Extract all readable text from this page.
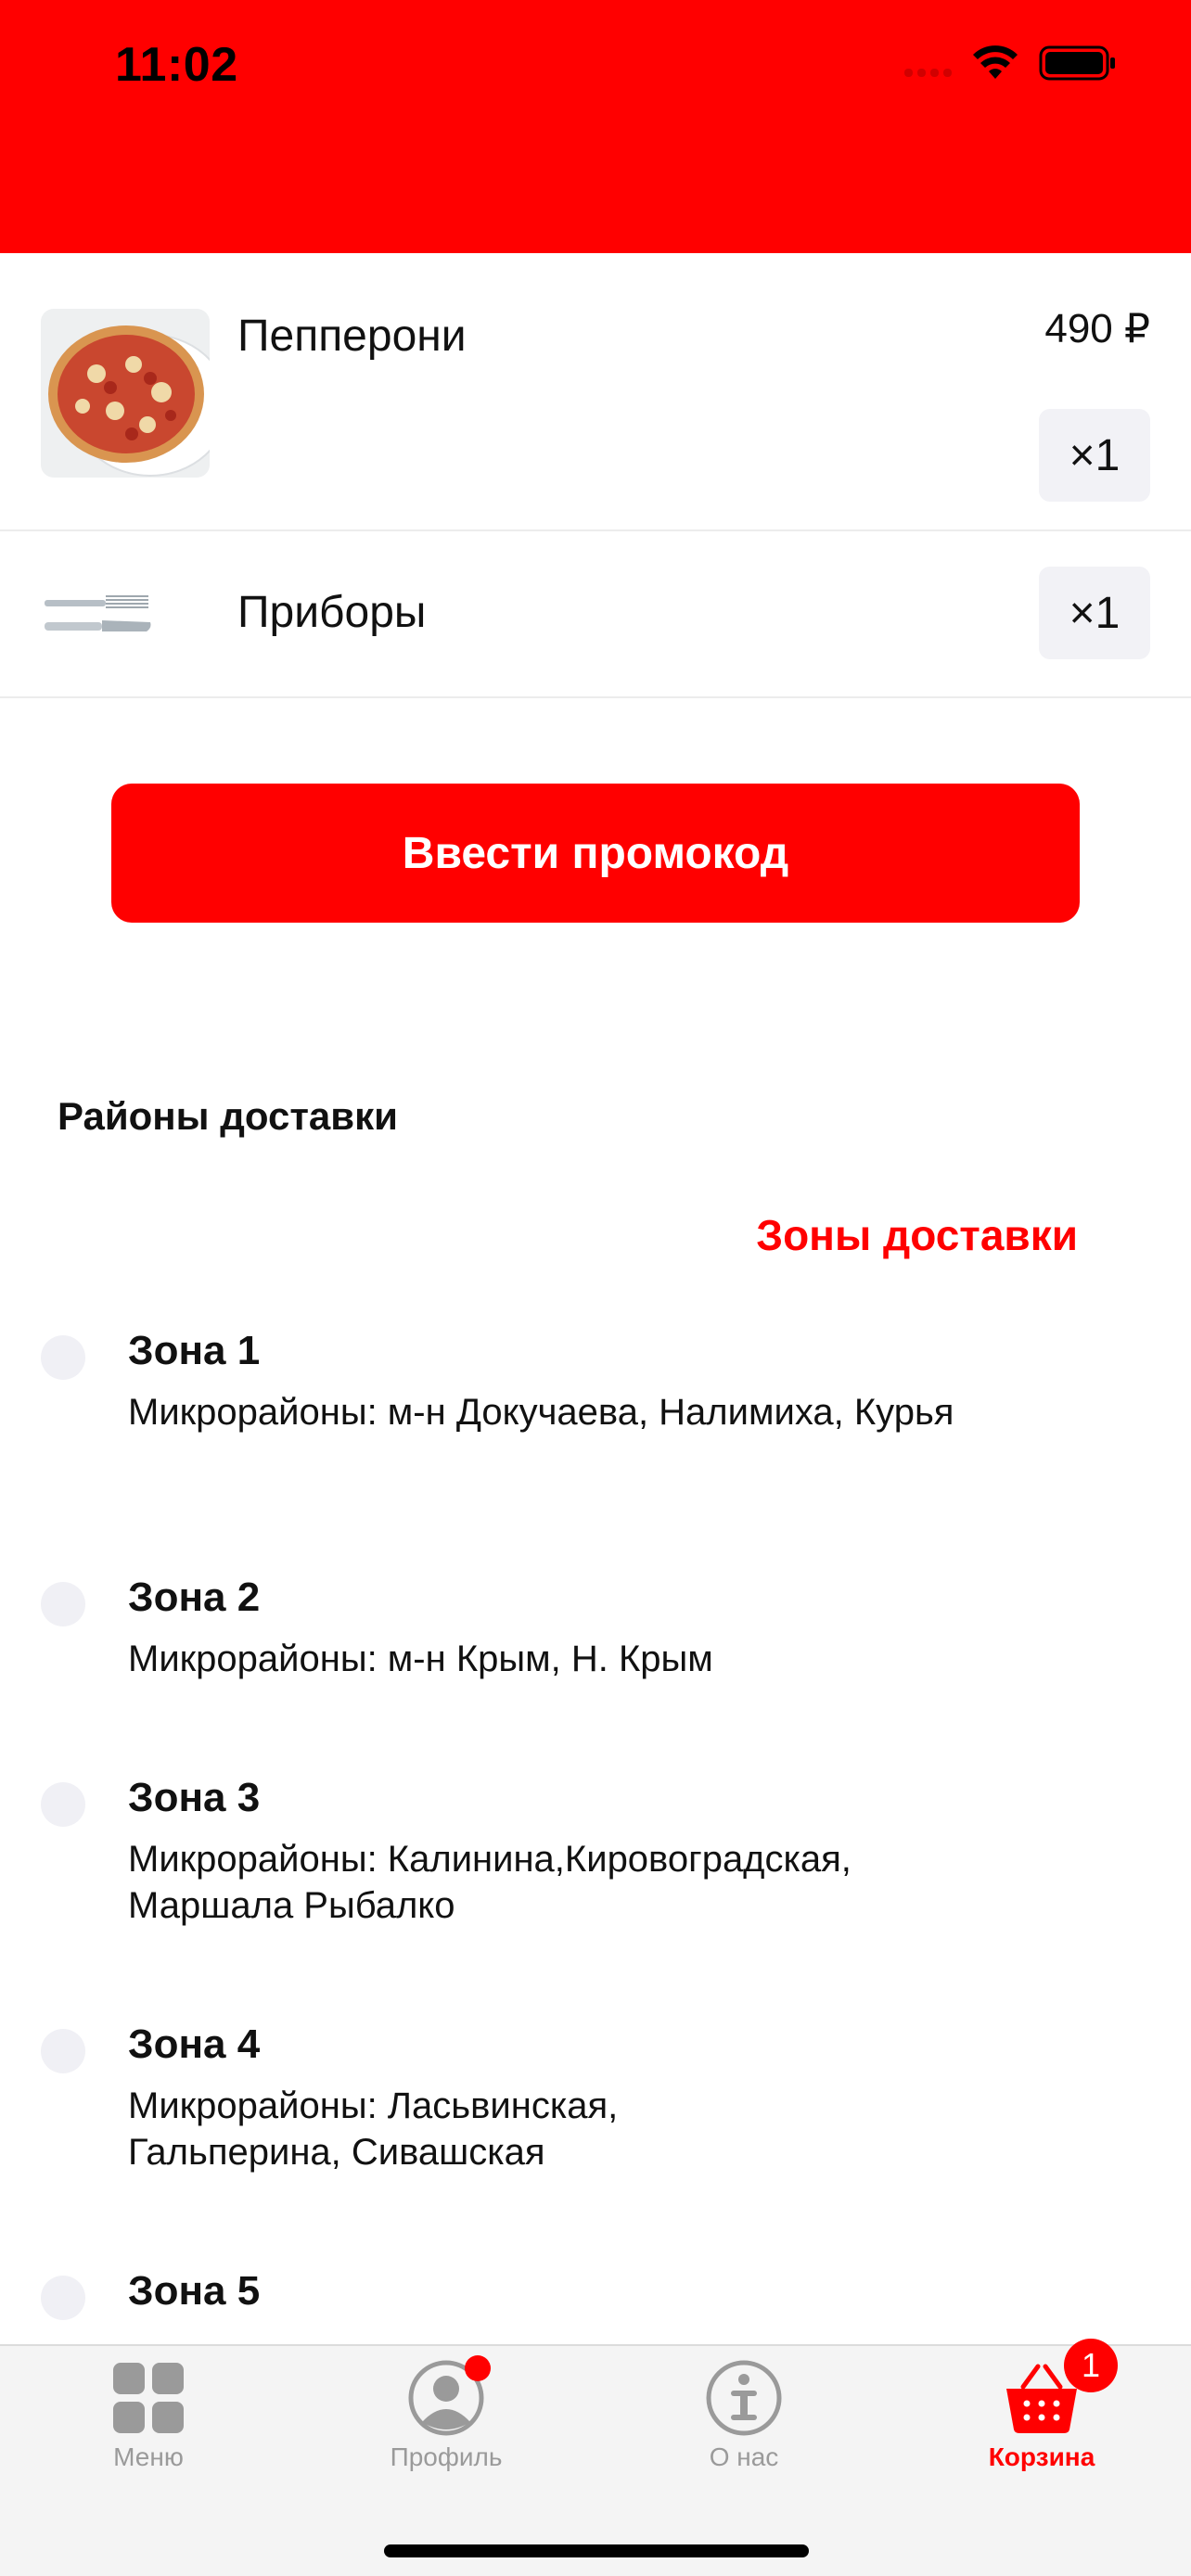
11:02
Пепперони	490 ₽
×1
Приборы	×1
Ввести промокод
Районы доставки
Зоны доставки
Зона 1
Микрорайоны: м-н Докучаева, Налимиха, Курья
Зона 2
Микрорайоны: м-н Крым, Н. Крым
Зона 3
Микрорайоны: Калинина,Кировоградская, Маршала Рыбалко
Зона 4
Микрорайоны: Ласьвинская, Гальперина, Сивашская
Зона 5
Меню	Профиль	О нас
1
Корзина
